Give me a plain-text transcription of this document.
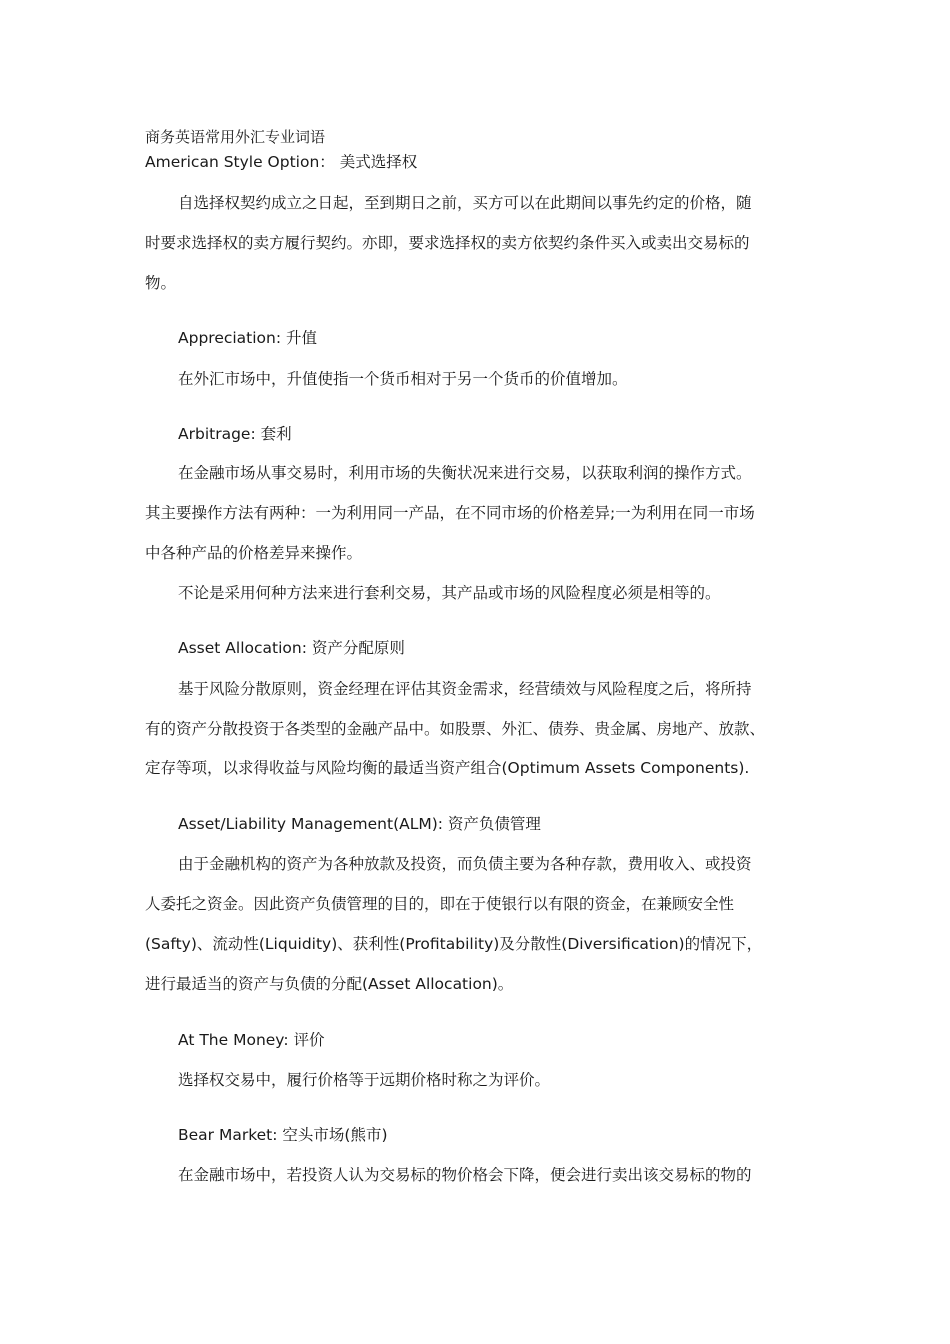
商务英语常用外汇专业词语
American Style Option： 美式选择权
自选择权契约成立之日起，至到期日之前，买方可以在此期间以事先约定的价格，随
时要求选择权的卖方履行契约。亦即，要求选择权的卖方依契约条件买入或卖出交易标的
物。
Appreciation: 升值
在外汇市场中，升值使指一个货币相对于另一个货币的价值增加。
Arbitrage: 套利
在金融市场从事交易时，利用市场的失衡状况来进行交易，以获取利润的操作方式。
其主要操作方法有两种：一为利用同一产品，在不同市场的价格差异;一为利用在同一市场
中各种产品的价格差异来操作。
不论是采用何种方法来进行套利交易，其产品或市场的风险程度必须是相等的。
Asset Allocation: 资产分配原则
基于风险分散原则，资金经理在评估其资金需求，经营绩效与风险程度之后，将所持
有的资产分散投资于各类型的金融产品中。如股票、外汇、债券、贵金属、房地产、放款、
定存等项，以求得收益与风险均衡的最适当资产组合(Optimum Assets Components).
Asset/Liability Management(ALM): 资产负债管理
由于金融机构的资产为各种放款及投资，而负债主要为各种存款，费用收入、或投资
人委托之资金。因此资产负债管理的目的，即在于使银行以有限的资金，在兼顾安全性
(Safty)、流动性(Liquidity)、获利性(Profitability)及分散性(Diversification)的情况下，
进行最适当的资产与负债的分配(Asset Allocation)。
At The Money: 评价
选择权交易中，履行价格等于远期价格时称之为评价。
Bear Market: 空头市场(熊市)
在金融市场中，若投资人认为交易标的物价格会下降，便会进行卖出该交易标的物的
